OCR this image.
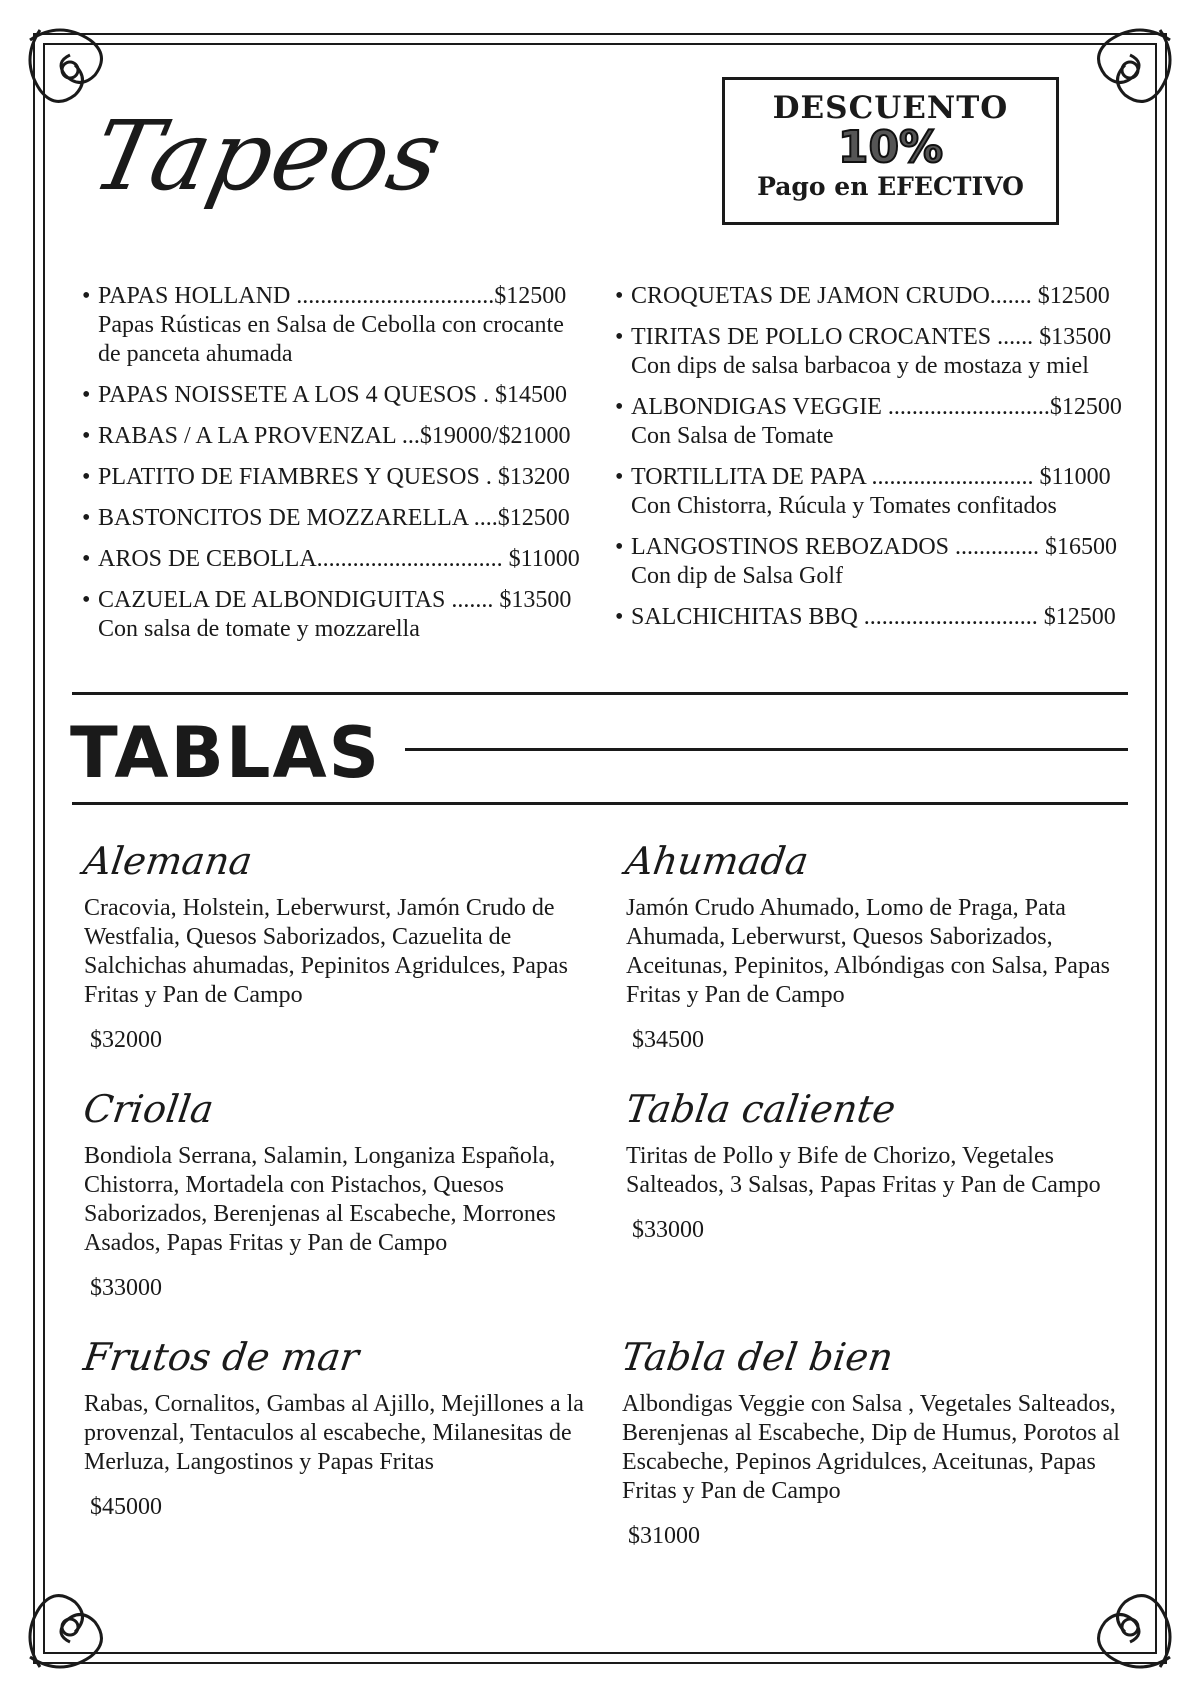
Tapeos	DESCUENTO
10%
Pago en EFECTIVO
• PAPAS HOLLAND .................................$12500
Papas Rústicas en Salsa de Cebolla con crocante de panceta ahumada
• PAPAS NOISSETE A LOS 4 QUESOS . $14500
• RABAS / A LA PROVENZAL ...$19000/$21000
• PLATITO DE FIAMBRES Y QUESOS . $13200
• BASTONCITOS DE MOZZARELLA ....$12500
• AROS DE CEBOLLA............................... $11000
• CAZUELA DE ALBONDIGUITAS ....... $13500
Con salsa de tomate y mozzarella
• CROQUETAS DE JAMON CRUDO....... $12500
• TIRITAS DE POLLO CROCANTES ...... $13500
Con dips de salsa barbacoa y de mostaza y miel
• ALBONDIGAS VEGGIE ...........................$12500
Con Salsa de Tomate
• TORTILLITA DE PAPA ........................... $11000
Con Chistorra, Rúcula y Tomates confitados
• LANGOSTINOS REBOZADOS .............. $16500
Con dip de Salsa Golf
• SALCHICHITAS BBQ ............................. $12500
TABLAS
Alemana
Cracovia, Holstein, Leberwurst, Jamón Crudo de Westfalia, Quesos Saborizados, Cazuelita de Salchichas ahumadas, Pepinitos Agridulces, Papas Fritas y Pan de Campo
$32000
Ahumada
Jamón Crudo Ahumado, Lomo de Praga, Pata Ahumada, Leberwurst, Quesos Saborizados, Aceitunas, Pepinitos, Albóndigas con Salsa, Papas Fritas y Pan de Campo
$34500
Criolla
Bondiola Serrana, Salamin, Longaniza Española, Chistorra, Mortadela con Pistachos, Quesos Saborizados, Berenjenas al Escabeche, Morrones Asados, Papas Fritas y Pan de Campo
$33000
Tabla caliente
Tiritas de Pollo y Bife de Chorizo, Vegetales Salteados, 3 Salsas, Papas Fritas y Pan de Campo
$33000
Frutos de mar
Rabas, Cornalitos, Gambas al Ajillo, Mejillones a la provenzal, Tentaculos al escabeche, Milanesitas de Merluza, Langostinos y Papas Fritas
$45000
Tabla del bien
Albondigas Veggie con Salsa , Vegetales Salteados, Berenjenas al Escabeche, Dip de Humus, Porotos al Escabeche, Pepinos Agridulces, Aceitunas, Papas Fritas y Pan de Campo
$31000
